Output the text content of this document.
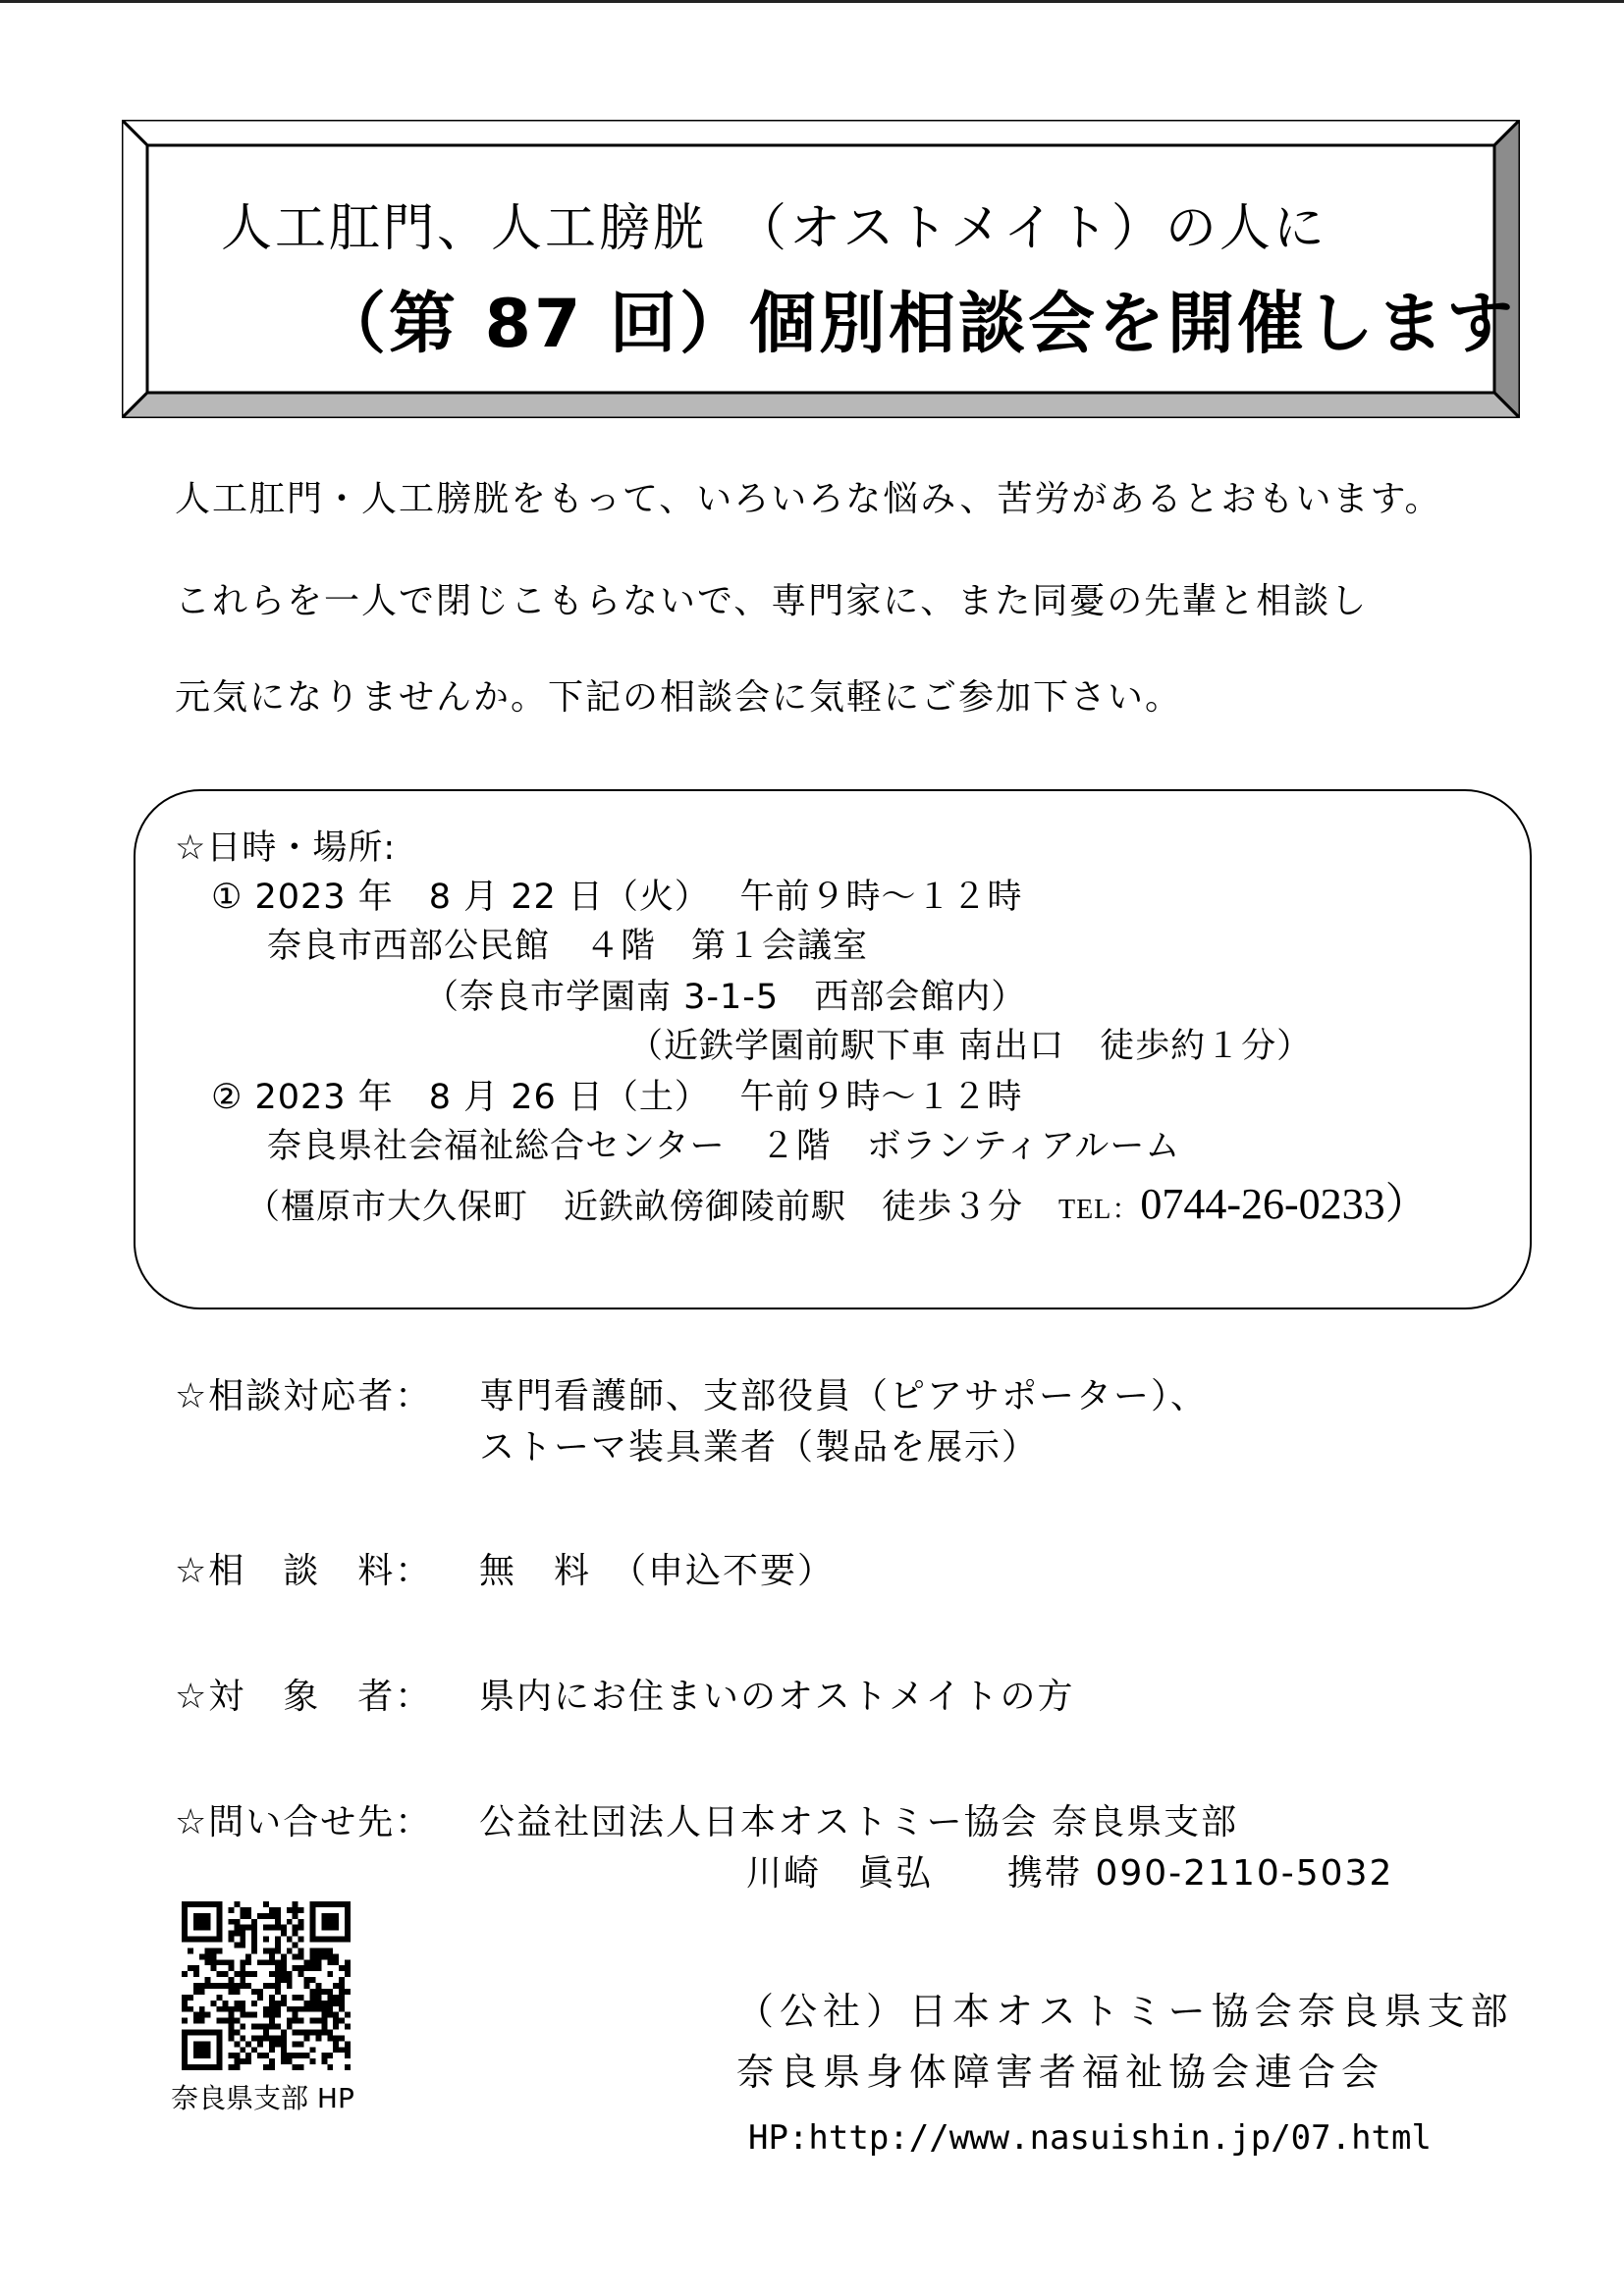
人工肛門、人工膀胱　（オストメイト）の人に
（第 87 回）個別相談会を開催します
人工肛門・人工膀胱をもって、いろいろな悩み、苦労があるとおもいます。
これらを一人で閉じこもらないで、専門家に、また同憂の先輩と相談し
元気になりませんか。下記の相談会に気軽にご参加下さい。
☆日時・場所:
① 2023 年　8 月 22 日（火）　 午前９時～１２時
奈良市西部公民館　４階　第１会議室
（奈良市学園南 3-1-5　西部会館内）
（近鉄学園前駅下車 南出口　徒歩約１分）
② 2023 年　8 月 26 日（土）　 午前９時～１２時
奈良県社会福祉総合センター　２階　ボランティアルーム
（橿原市大久保町　近鉄畝傍御陵前駅　徒歩３分　TEL：0744-26-0233）
☆相談対応者： 専門看護師、支部役員（ピアサポーター）、
ストーマ装具業者（製品を展示）
☆相　談　料： 無　料　（申込不要）
☆対　象　者： 県内にお住まいのオストメイトの方
☆問い合せ先： 公益社団法人日本オストミー協会 奈良県支部
川崎　眞弘　　携帯 090-2110-5032
奈良県支部 HP
（公社）日本オストミー協会奈良県支部
奈良県身体障害者福祉協会連合会
HP:http://www.nasuishin.jp/07.html
